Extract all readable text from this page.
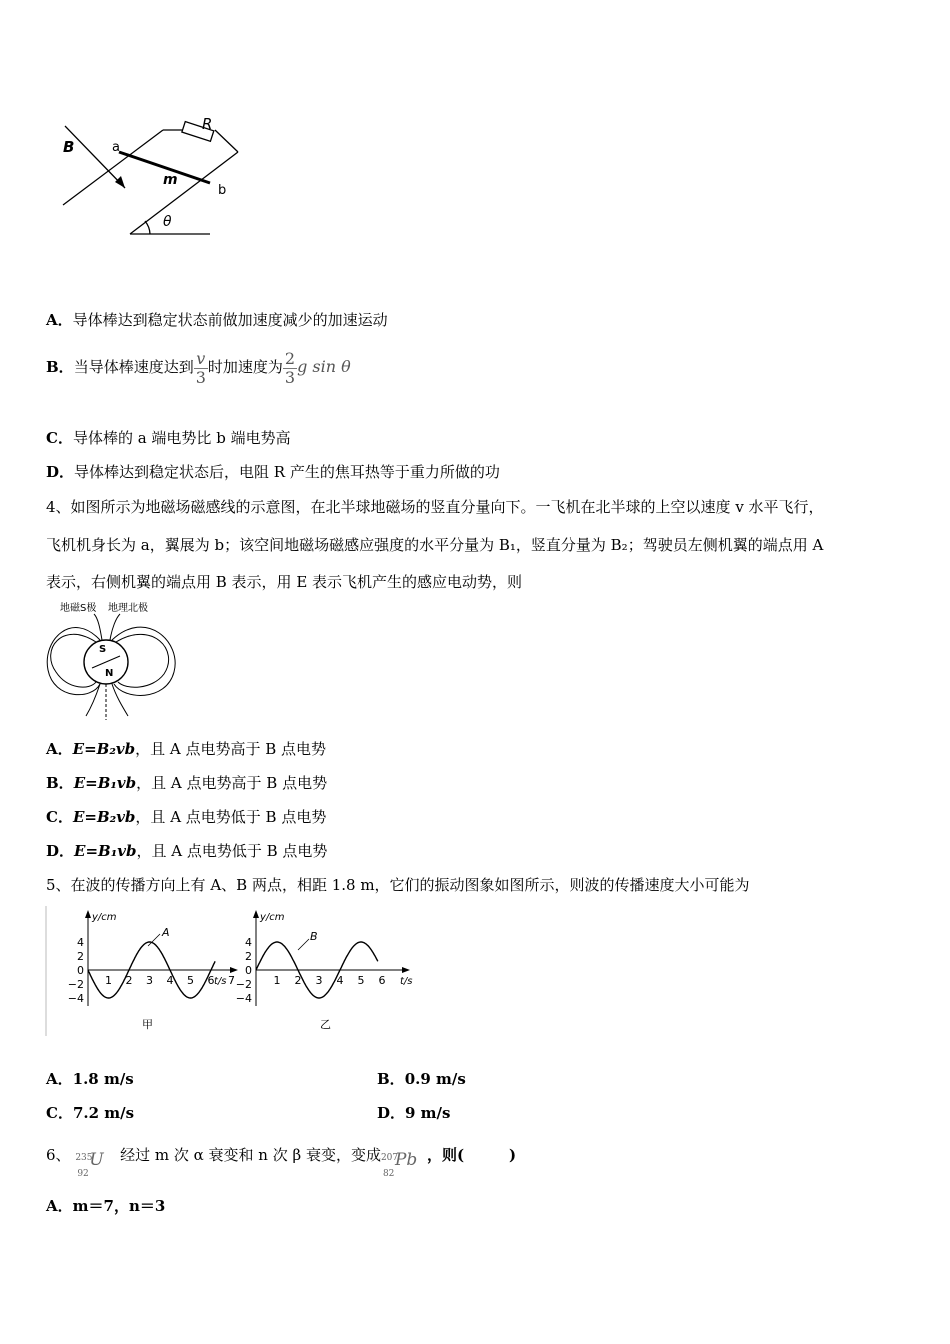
R
B	a
m
b
θ
A．导体棒达到稳定状态前做加速度减少的加速运动
B．当导体棒速度达到 $\frac{v}{3}$ 时加速度为 $\frac{2}{3}$ g sin θ
C．导体棒的 a 端电势比 b 端电势高
D．导体棒达到稳定状态后，电阻 R 产生的焦耳热等于重力所做的功
4、如图所示为地磁场磁感线的示意图，在北半球地磁场的竖直分量向下。一飞机在北半球的上空以速度 v 水平飞行，
飞机机身长为 a，翼展为 b；该空间地磁场磁感应强度的水平分量为 B₁，竖直分量为 B₂；驾驶员左侧机翼的端点用 A
表示，右侧机翼的端点用 B 表示，用 E 表示飞机产生的感应电动势，则
地磁S极 地理北极
S
N
A．E=B₂vb，且 A 点电势高于 B 点电势
B．E=B₁vb，且 A 点电势高于 B 点电势
C．E=B₂vb，且 A 点电势低于 B 点电势
D．E=B₁vb，且 A 点电势低于 B 点电势
5、在波的传播方向上有 A、B 两点，相距 1.8 m，它们的振动图象如图所示，则波的传播速度大小可能为
y/cm
t/s
A
甲
4
2
0
−2
−4
1 2 3 4 5 6 7
y/cm
t/s
B
乙
4
2
0
−2
−4
1 2 3 4 5 6
A．1.8 m/s	B．0.9 m/s
C．7.2 m/s	D．9 m/s
6、 235
92
U 经过 m 次 α 衰变和 n 次 β 衰变，变成 207
82
Pb ，则(　　　)
A．m＝7，n＝3
